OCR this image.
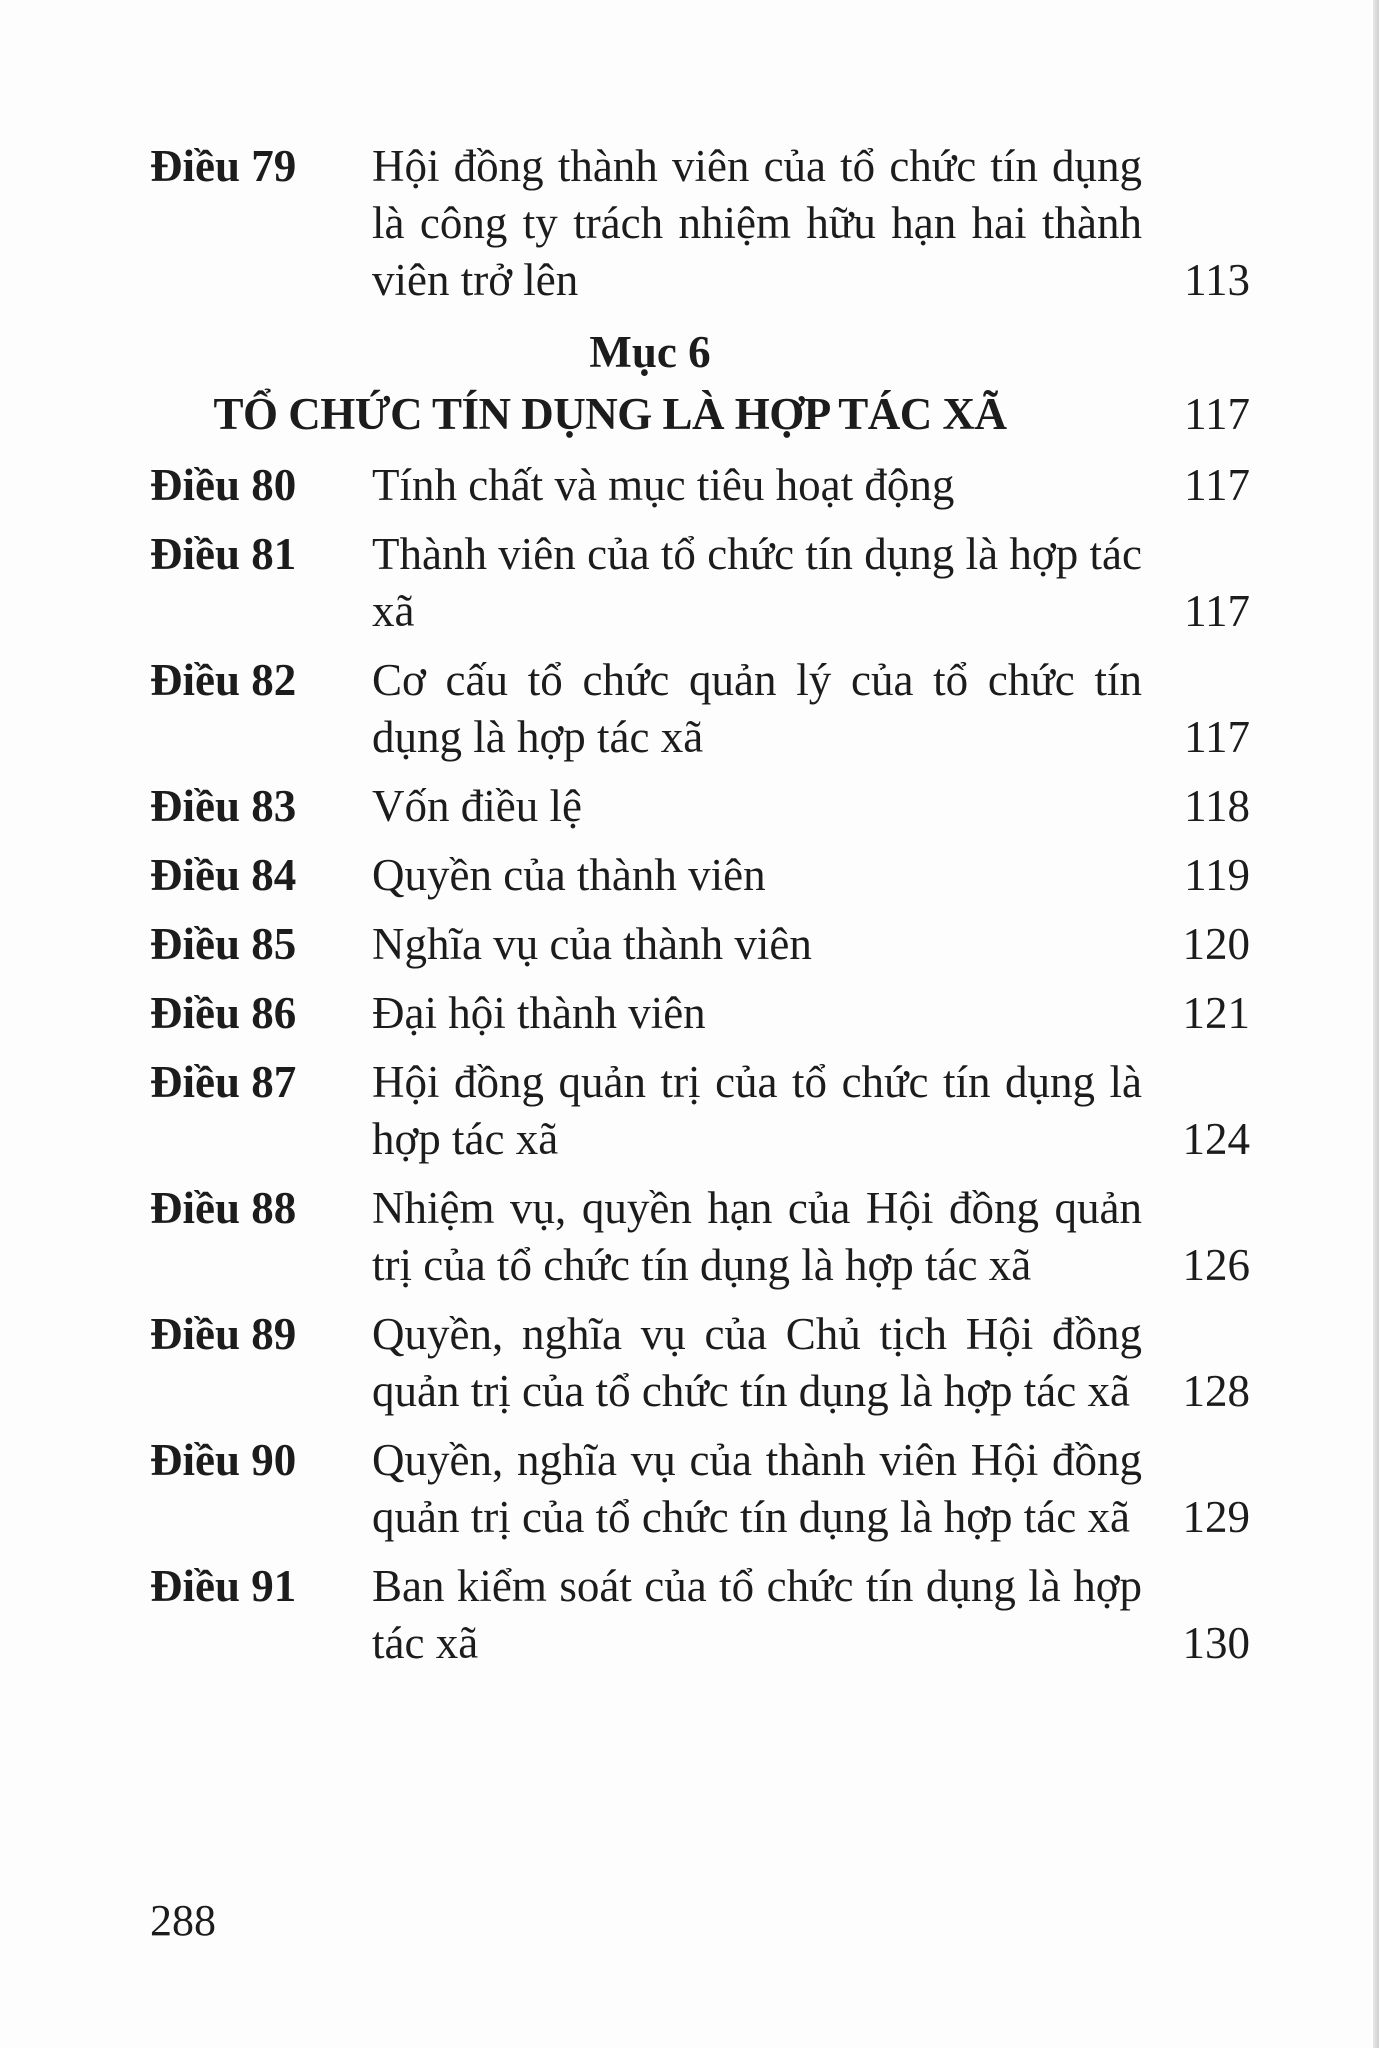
Điều 79	Hội đồng thành viên của tổ chức tín dụng là công ty trách nhiệm hữu hạn hai thành viên trở lên	113
Mục 6
TỔ CHỨC TÍN DỤNG LÀ HỢP TÁC XÃ	117
Điều 80	Tính chất và mục tiêu hoạt động	117
Điều 81	Thành viên của tổ chức tín dụng là hợp tác xã	117
Điều 82	Cơ cấu tổ chức quản lý của tổ chức tín dụng là hợp tác xã	117
Điều 83	Vốn điều lệ	118
Điều 84	Quyền của thành viên	119
Điều 85	Nghĩa vụ của thành viên	120
Điều 86	Đại hội thành viên	121
Điều 87	Hội đồng quản trị của tổ chức tín dụng là hợp tác xã	124
Điều 88	Nhiệm vụ, quyền hạn của Hội đồng quản trị của tổ chức tín dụng là hợp tác xã	126
Điều 89	Quyền, nghĩa vụ của Chủ tịch Hội đồng quản trị của tổ chức tín dụng là hợp tác xã	128
Điều 90	Quyền, nghĩa vụ của thành viên Hội đồng quản trị của tổ chức tín dụng là hợp tác xã	129
Điều 91	Ban kiểm soát của tổ chức tín dụng là hợp tác xã	130
288
